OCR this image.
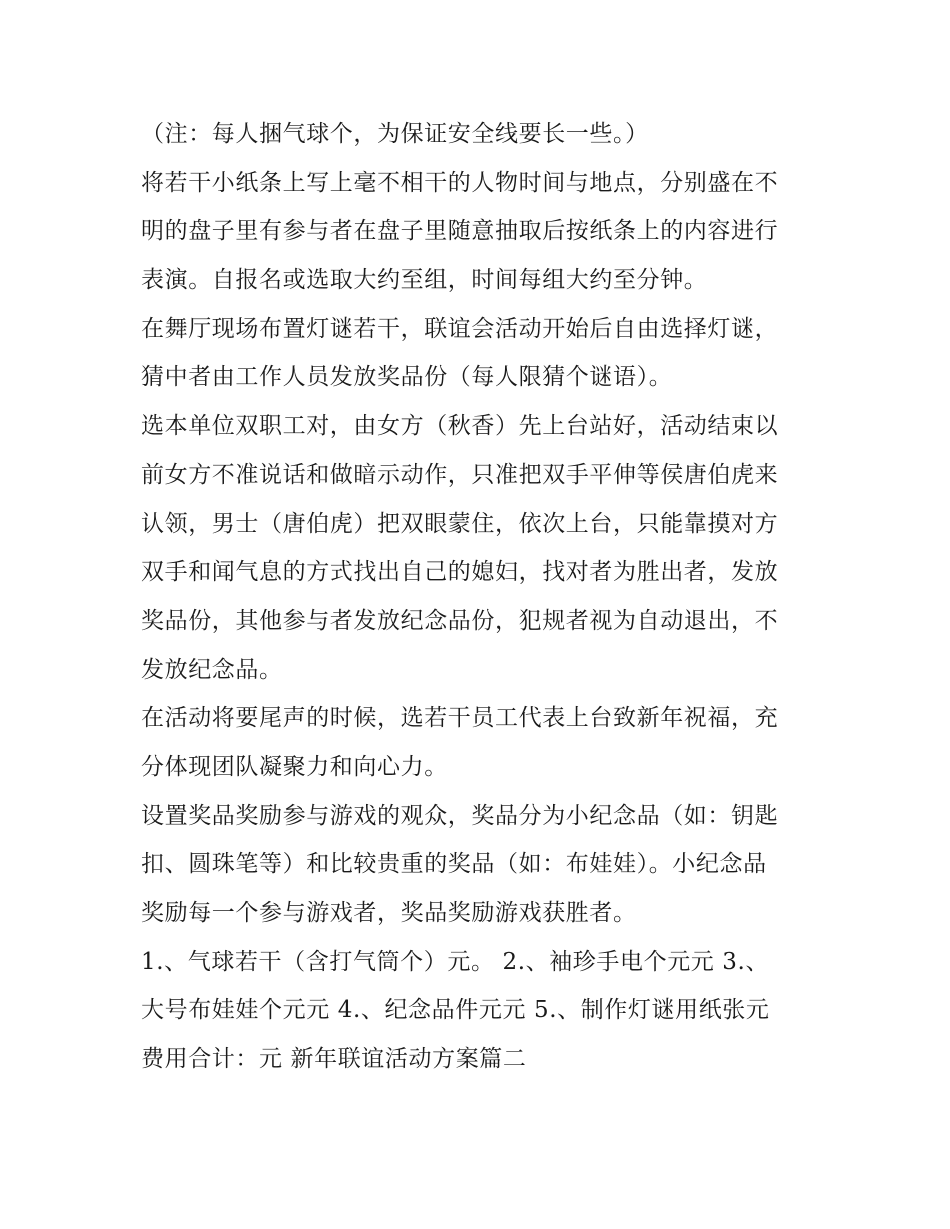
（注：每人捆气球个，为保证安全线要长一些。）
将若干小纸条上写上毫不相干的人物时间与地点，分别盛在不
明的盘子里有参与者在盘子里随意抽取后按纸条上的内容进行
表演。自报名或选取大约至组，时间每组大约至分钟。
在舞厅现场布置灯谜若干，联谊会活动开始后自由选择灯谜，
猜中者由工作人员发放奖品份（每人限猜个谜语）。
选本单位双职工对，由女方（秋香）先上台站好，活动结束以
前女方不准说话和做暗示动作，只准把双手平伸等侯唐伯虎来
认领，男士（唐伯虎）把双眼蒙住，依次上台，只能靠摸对方
双手和闻气息的方式找出自己的媳妇，找对者为胜出者，发放
奖品份，其他参与者发放纪念品份，犯规者视为自动退出，不
发放纪念品。
在活动将要尾声的时候，选若干员工代表上台致新年祝福，充
分体现团队凝聚力和向心力。
设置奖品奖励参与游戏的观众，奖品分为小纪念品（如：钥匙
扣、圆珠笔等）和比较贵重的奖品（如：布娃娃）。小纪念品
奖励每一个参与游戏者，奖品奖励游戏获胜者。
1.、气球若干（含打气筒个）元。 2.、袖珍手电个元元 3.、
大号布娃娃个元元 4.、纪念品件元元 5.、制作灯谜用纸张元
费用合计：元 新年联谊活动方案篇二
